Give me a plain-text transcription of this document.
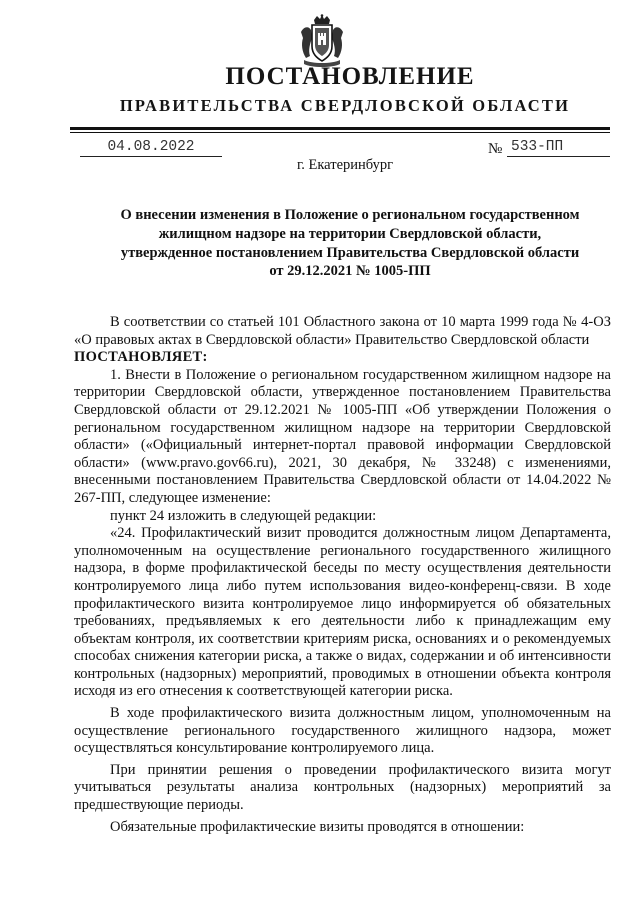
ПОСТАНОВЛЕНИЕ
ПРАВИТЕЛЬСТВА СВЕРДЛОВСКОЙ ОБЛАСТИ
04.08.2022	№ 533-ПП
г. Екатеринбург
О внесении изменения в Положение о региональном государственном
жилищном надзоре на территории Свердловской области,
утвержденное постановлением Правительства Свердловской области
от 29.12.2021 № 1005-ПП

В соответствии со статьей 101 Областного закона от 10 марта 1999 года № 4-ОЗ «О правовых актах в Свердловской области» Правительство Свердловской области

ПОСТАНОВЛЯЕТ:

1. Внести в Положение о региональном государственном жилищном надзоре на территории Свердловской области, утвержденное постановлением Правительства Свердловской области от 29.12.2021 № 1005-ПП «Об утверждении Положения о региональном государственном жилищном надзоре на территории Свердловской области» («Официальный интернет-портал правовой информации Свердловской области» (www.pravo.gov66.ru), 2021, 30 декабря, № 33248) с изменениями, внесенными постановлением Правительства Свердловской области от 14.04.2022 № 267-ПП, следующее изменение:

пункт 24 изложить в следующей редакции:

«24. Профилактический визит проводится должностным лицом Департамента, уполномоченным на осуществление регионального государственного жилищного надзора, в форме профилактической беседы по месту осуществления деятельности контролируемого лица либо путем использования видео-конференц-связи. В ходе профилактического визита контролируемое лицо информируется об обязательных требованиях, предъявляемых к его деятельности либо к принадлежащим ему объектам контроля, их соответствии критериям риска, основаниях и о рекомендуемых способах снижения категории риска, а также о видах, содержании и об интенсивности контрольных (надзорных) мероприятий, проводимых в отношении объекта контроля исходя из его отнесения к соответствующей категории риска.

В ходе профилактического визита должностным лицом, уполномоченным на осуществление регионального государственного жилищного надзора, может осуществляться консультирование контролируемого лица.

При принятии решения о проведении профилактического визита могут учитываться результаты анализа контрольных (надзорных) мероприятий за предшествующие периоды.

Обязательные профилактические визиты проводятся в отношении:
